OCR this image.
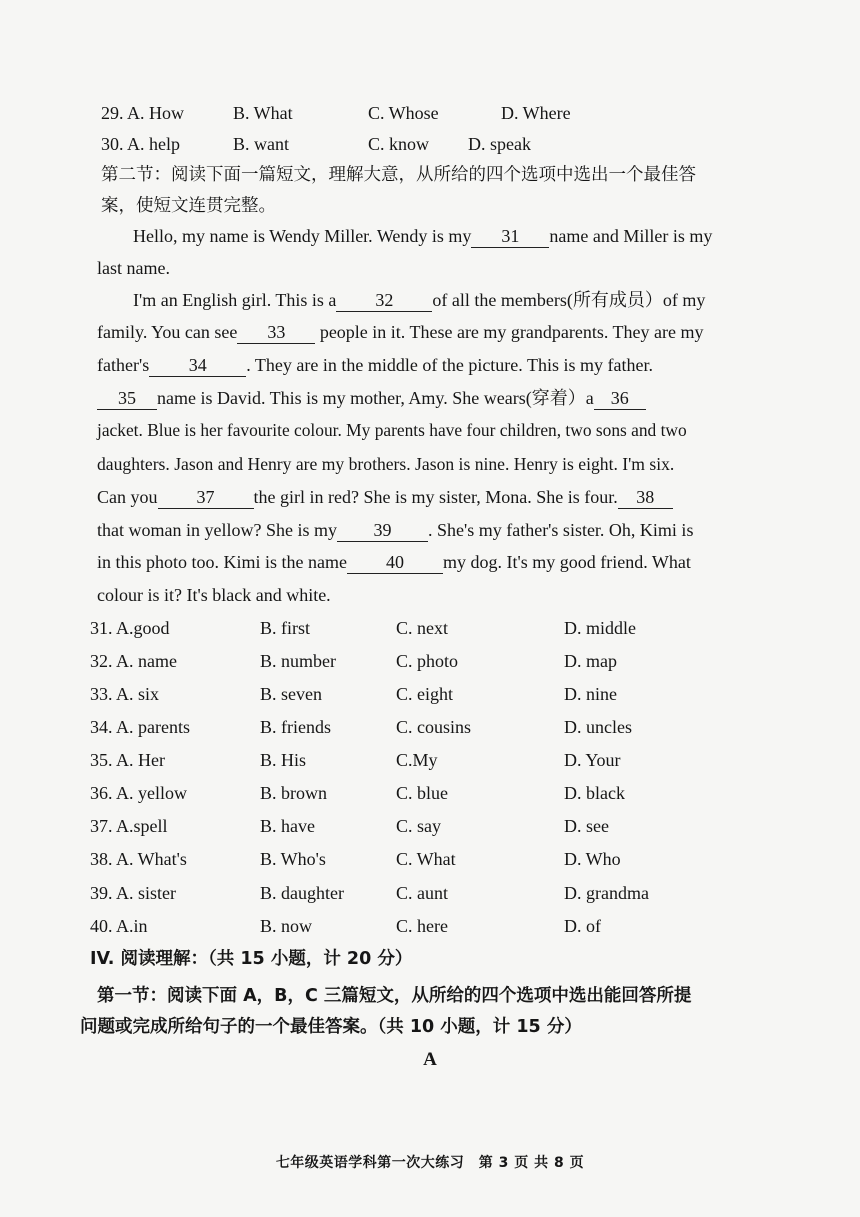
29. A. How	B. What	C. Whose	D. Where
30. A. help	B. want	C. know D. speak
第二节：阅读下面一篇短文，理解大意，从所给的四个选项中选出一个最佳答
案，使短文连贯完整。
Hello, my name is Wendy Miller. Wendy is my 31 name and Miller is my
last name.
I'm an English girl. This is a 32 of all the members(所有成员）of my
family. You can see 33 people in it. These are my grandparents. They are my
father's 34 . They are in the middle of the picture. This is my father.
35 name is David. This is my mother, Amy. She wears(穿着）a 36
jacket. Blue is her favourite colour. My parents have four children, two sons and two
daughters. Jason and Henry are my brothers. Jason is nine. Henry is eight. I'm six.
Can you 37 the girl in red? She is my sister, Mona. She is four. 38
that woman in yellow? She is my 39 . She's my father's sister. Oh, Kimi is
in this photo too. Kimi is the name 40 my dog. It's my good friend. What
colour is it? It's black and white.
31. A.good	B. first	C. next	D. middle
32. A. name	B. number	C. photo	D. map
33. A. six	B. seven	C. eight	D. nine
34. A. parents	B. friends	C. cousins	D. uncles
35. A. Her	B. His	C.My	D. Your
36. A. yellow	B. brown	C. blue	D. black
37. A.spell	B. have	C. say	D. see
38. A. What's	B. Who's	C. What	D. Who
39. A. sister	B. daughter	C. aunt	D. grandma
40. A.in	B. now	C. here	D. of
IV. 阅读理解：（共 15 小题，计 20 分）
第一节：阅读下面 A，B，C 三篇短文，从所给的四个选项中选出能回答所提
问题或完成所给句子的一个最佳答案。（共 10 小题，计 15 分）
A
七年级英语学科第一次大练习　第 3 页 共 8 页
